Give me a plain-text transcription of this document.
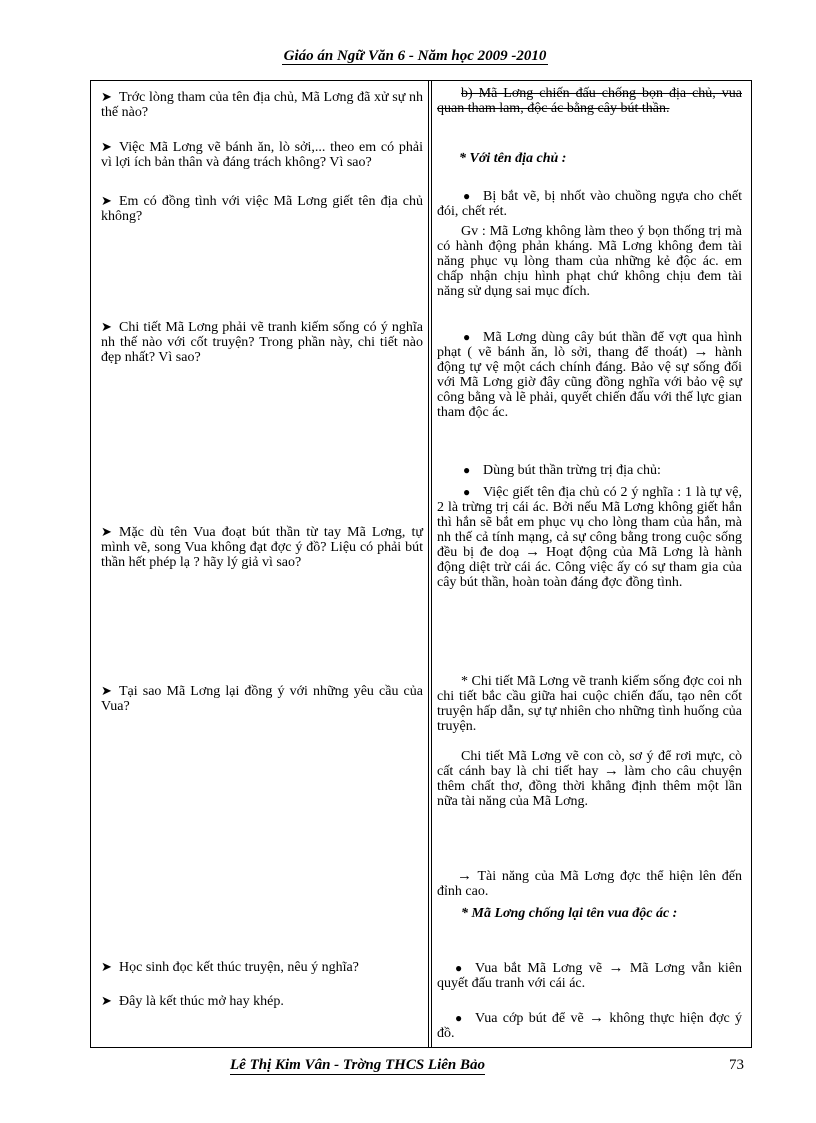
Giáo án Ngữ Văn 6 - Năm học 2009 -2010
➤ Trớc lòng tham của tên địa chủ, Mã Lơng đã xử sự nh thế nào?
➤ Việc Mã Lơng vẽ bánh ăn, lò sởi,... theo em có phải vì lợi ích bản thân và đáng trách không? Vì sao?
➤ Em có đồng tình với việc Mã Lơng giết tên địa chủ không?
➤ Chi tiết Mã Lơng phải vẽ tranh kiếm sống có ý nghĩa nh thế nào với cốt truyện? Trong phần này, chi tiết nào đẹp nhất? Vì sao?
➤ Mặc dù tên Vua đoạt bút thần từ tay Mã Lơng, tự mình vẽ, song Vua không đạt đợc ý đồ? Liệu có phải bút thần hết phép lạ ? hãy lý giả vì sao?
➤ Tại sao Mã Lơng lại đồng ý với những yêu cầu của Vua?
➤ Học sinh đọc kết thúc truyện, nêu ý nghĩa?
➤ Đây là kết thúc mở hay khép.
b) Mã Lơng chiến đấu chống bọn địa chủ, vua quan tham lam, độc ác bằng cây bút thần.
* Với tên địa chủ :
● Bị bắt vẽ, bị nhốt vào chuồng ngựa cho chết đói, chết rét.
Gv : Mã Lơng không làm theo ý bọn thống trị mà có hành động phản kháng. Mã Lơng không đem tài năng phục vụ lòng tham của những kẻ độc ác. em chấp nhận chịu hình phạt chứ không chịu đem tài năng sử dụng sai mục đích.
● Mã Lơng dùng cây bút thần để vợt qua hình phạt ( vẽ bánh ăn, lò sởi, thang để thoát) → hành động tự vệ một cách chính đáng. Bảo vệ sự sống đối với Mã Lơng giờ đây cũng đồng nghĩa với bảo vệ sự công bằng và lẽ phải, quyết chiến đấu với thế lực gian tham độc ác.
● Dùng bút thần trừng trị địa chủ:
● Việc giết tên địa chủ có 2 ý nghĩa : 1 là tự vệ, 2 là trừng trị cái ác. Bởi nếu Mã Lơng không giết hắn thì hắn sẽ bắt em phục vụ cho lòng tham của hắn, mà nh thế cả tính mạng, cả sự công bằng trong cuộc sống đều bị đe doạ → Hoạt động của Mã Lơng là hành động diệt trừ cái ác. Công việc ấy có sự tham gia của cây bút thần, hoàn toàn đáng đợc đồng tình.
* Chi tiết Mã Lơng vẽ tranh kiếm sống đợc coi nh chi tiết bắc cầu giữa hai cuộc chiến đấu, tạo nên cốt truyện hấp dẫn, sự tự nhiên cho những tình huống của truyện.
Chi tiết Mã Lơng vẽ con cò, sơ ý để rơi mực, cò cất cánh bay là chi tiết hay → làm cho câu chuyện thêm chất thơ, đồng thời khẳng định thêm một lần nữa tài năng của Mã Lơng.
→ Tài năng của Mã Lơng đợc thể hiện lên đến đỉnh cao.
* Mã Lơng chống lại tên vua độc ác :
● Vua bắt Mã Lơng vẽ → Mã Lơng vẫn kiên quyết đấu tranh với cái ác.
● Vua cớp bút để vẽ → không thực hiện đợc ý đồ.
Lê Thị Kim Vân - Trờng THCS Liên Bảo	73
